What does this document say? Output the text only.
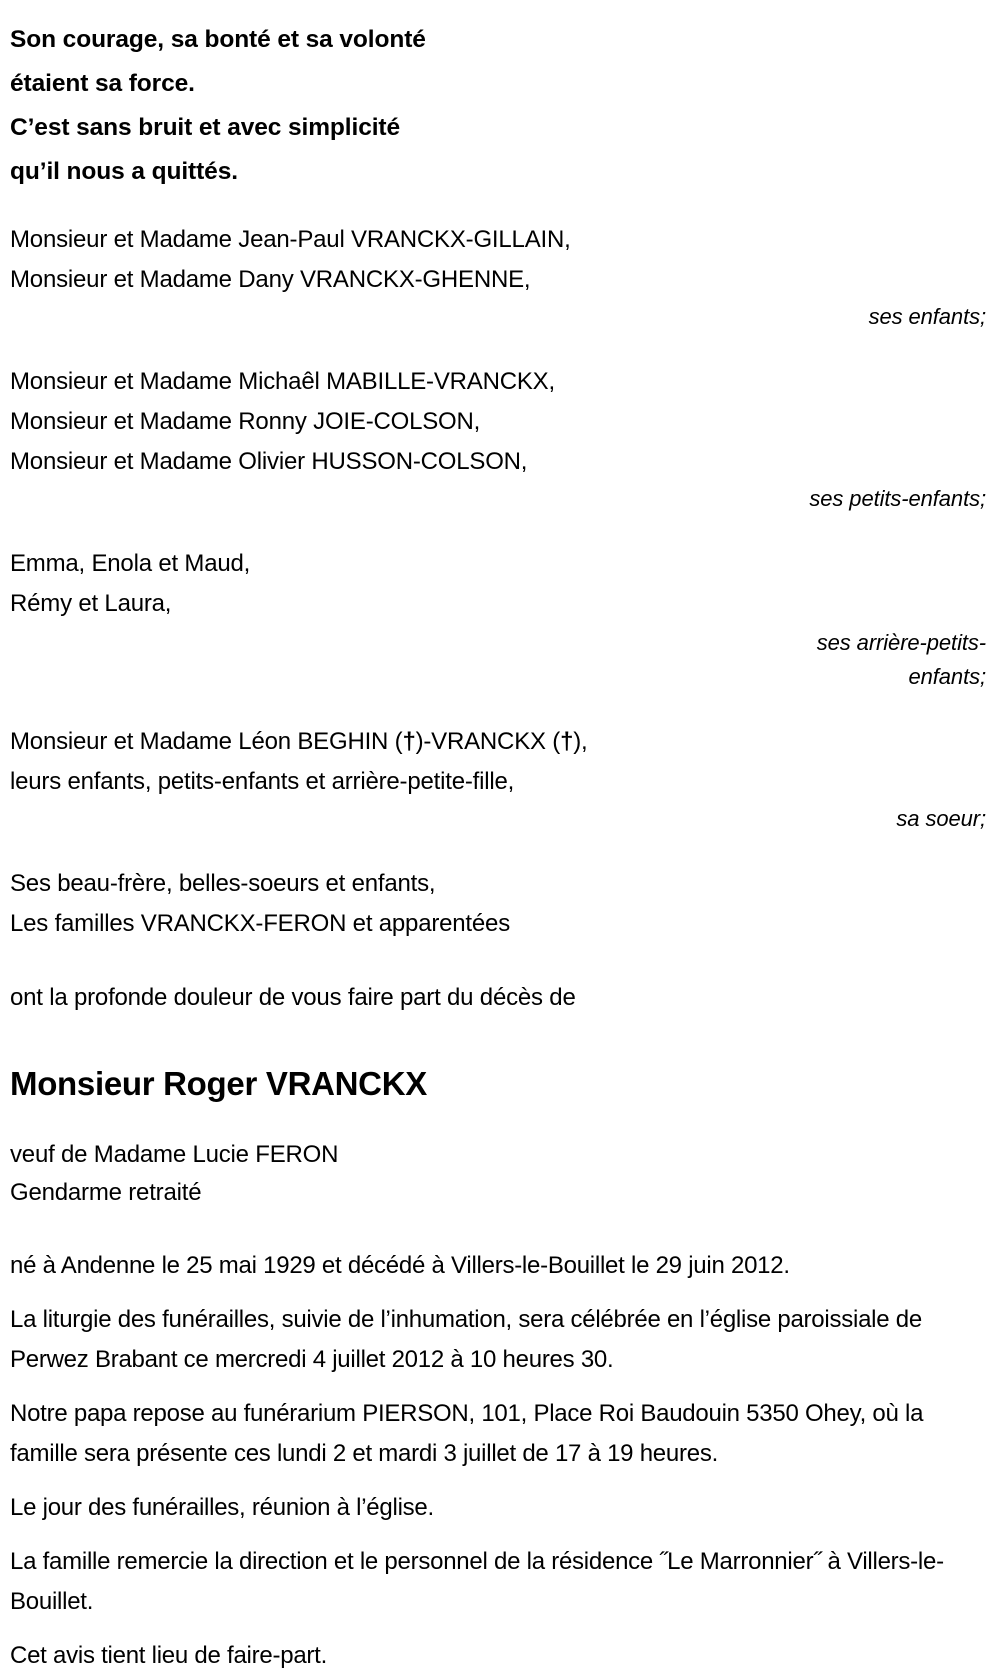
Son courage, sa bonté et sa volonté
étaient sa force.
C’est sans bruit et avec simplicité
qu’il nous a quittés.
Monsieur et Madame Jean-Paul VRANCKX-GILLAIN,
Monsieur et Madame Dany VRANCKX-GHENNE,
ses enfants;
Monsieur et Madame Michaêl MABILLE-VRANCKX,
Monsieur et Madame Ronny JOIE-COLSON,
Monsieur et Madame Olivier HUSSON-COLSON,
ses petits-enfants;
Emma, Enola et Maud,
Rémy et Laura,
ses arrière-petits-
enfants;
Monsieur et Madame Léon BEGHIN (†)-VRANCKX (†),
leurs enfants, petits-enfants et arrière-petite-fille,
sa soeur;
Ses beau-frère, belles-soeurs et enfants,
Les familles VRANCKX-FERON et apparentées
ont la profonde douleur de vous faire part du décès de
Monsieur Roger VRANCKX
veuf de Madame Lucie FERON
Gendarme retraité

né à Andenne le 25 mai 1929 et décédé à Villers-le-Bouillet le 29 juin 2012.

La liturgie des funérailles, suivie de l’inhumation, sera célébrée en l’église paroissiale de Perwez Brabant ce mercredi 4 juillet 2012 à 10 heures 30.

Notre papa repose au funérarium PIERSON, 101, Place Roi Baudouin 5350 Ohey, où la famille sera présente ces lundi 2 et mardi 3 juillet de 17 à 19 heures.

Le jour des funérailles, réunion à l’église.

La famille remercie la direction et le personnel de la résidence ˝Le Marronnier˝ à Villers-le-Bouillet.

Cet avis tient lieu de faire-part.
